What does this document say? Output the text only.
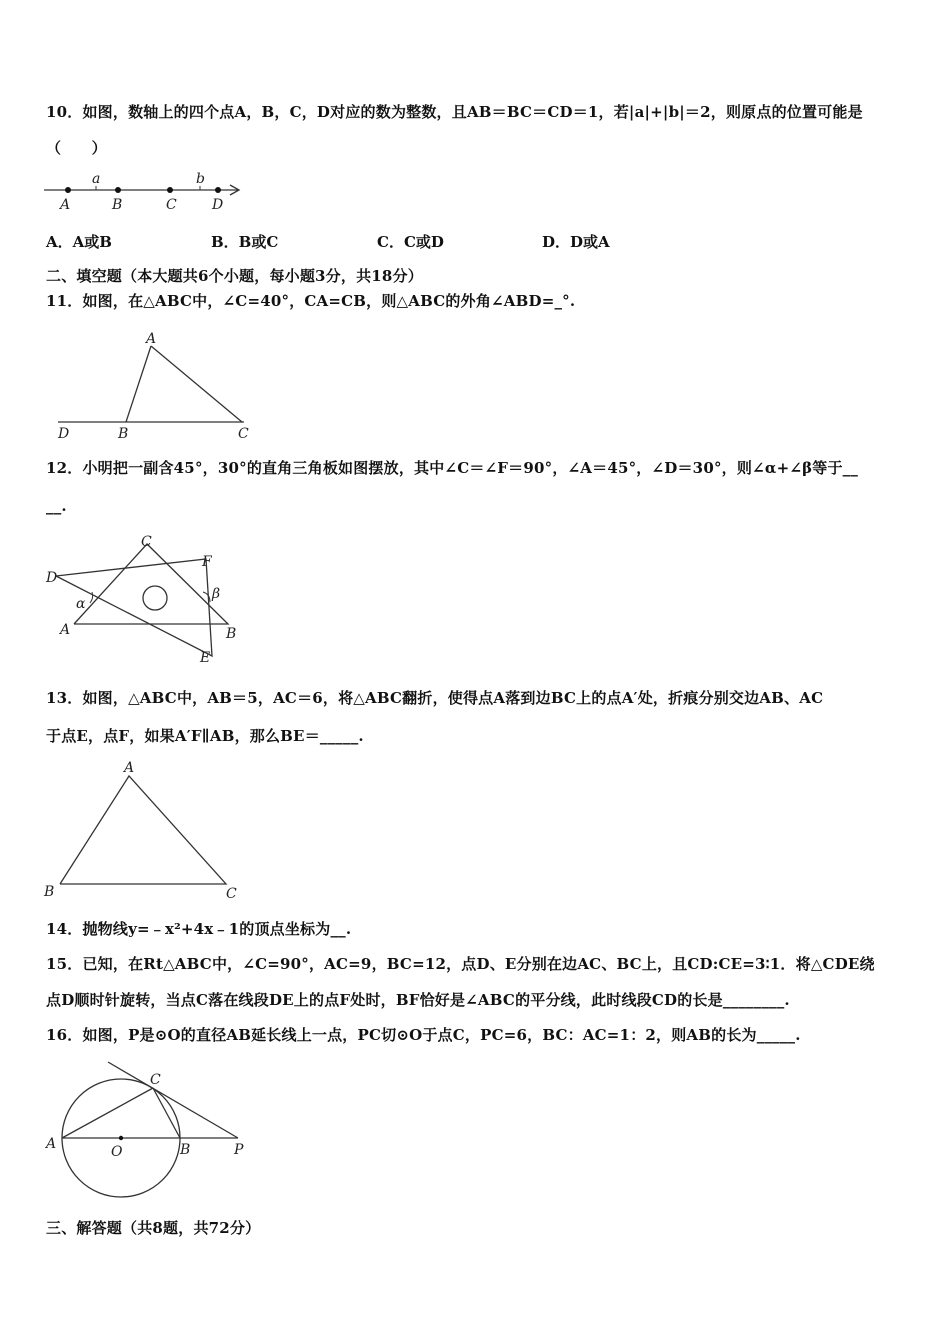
10．如图，数轴上的四个点A，B，C，D对应的数为整数，且AB＝BC＝CD＝1，若|a|+|b|＝2，则原点的位置可能是
（　　）
a	b
A	B	C	D
A．A或B	B．B或C	C．C或D	D．D或A
二、填空题（本大题共6个小题，每小题3分，共18分）
11．如图，在△ABC中，∠C=40°，CA=CB，则△ABC的外角∠ABD=_°.
A
D	B	C
12．小明把一副含45°，30°的直角三角板如图摆放，其中∠C＝∠F＝90°，∠A＝45°，∠D＝30°，则∠α+∠β等于__
__.
C
F
D
α
β
A	B
E
13．如图，△ABC中，AB＝5，AC＝6，将△ABC翻折，使得点A落到边BC上的点A′处，折痕分别交边AB、AC
于点E，点F，如果A′F∥AB，那么BE＝_____.
A
B	C
14．抛物线y=﹣x²+4x﹣1的顶点坐标为__.
15．已知，在Rt△ABC中，∠C=90°，AC=9，BC=12，点D、E分别在边AC、BC上，且CD:CE=3∶1．将△CDE绕
点D顺时针旋转，当点C落在线段DE上的点F处时，BF恰好是∠ABC的平分线，此时线段CD的长是________.
16．如图，P是⊙O的直径AB延长线上一点，PC切⊙O于点C，PC=6，BC：AC=1：2，则AB的长为_____.
C
A	O	B	P
三、解答题（共8题，共72分）
